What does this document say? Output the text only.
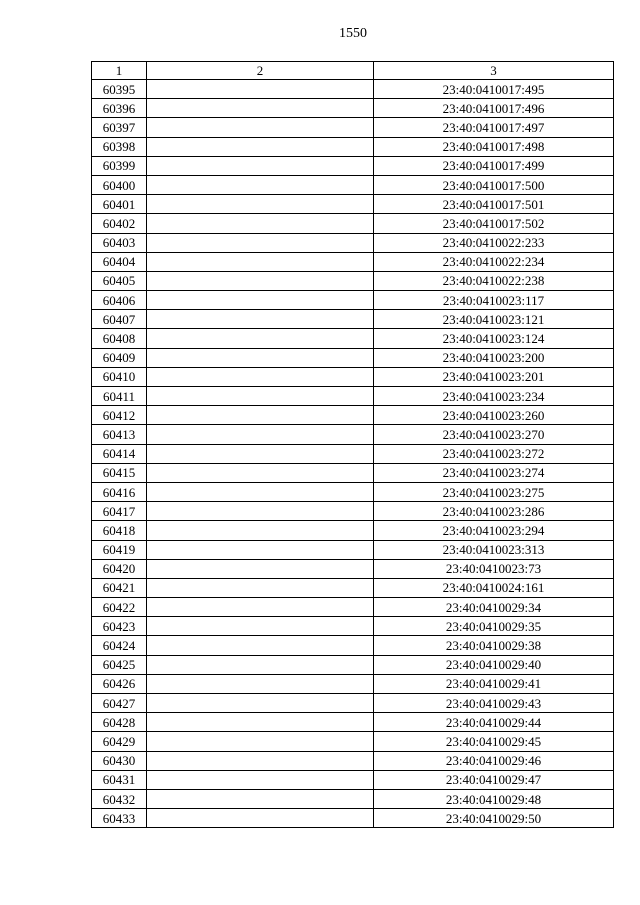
1550
1	2	3
60395		23:40:0410017:495
60396		23:40:0410017:496
60397		23:40:0410017:497
60398		23:40:0410017:498
60399		23:40:0410017:499
60400		23:40:0410017:500
60401		23:40:0410017:501
60402		23:40:0410017:502
60403		23:40:0410022:233
60404		23:40:0410022:234
60405		23:40:0410022:238
60406		23:40:0410023:117
60407		23:40:0410023:121
60408		23:40:0410023:124
60409		23:40:0410023:200
60410		23:40:0410023:201
60411		23:40:0410023:234
60412		23:40:0410023:260
60413		23:40:0410023:270
60414		23:40:0410023:272
60415		23:40:0410023:274
60416		23:40:0410023:275
60417		23:40:0410023:286
60418		23:40:0410023:294
60419		23:40:0410023:313
60420		23:40:0410023:73
60421		23:40:0410024:161
60422		23:40:0410029:34
60423		23:40:0410029:35
60424		23:40:0410029:38
60425		23:40:0410029:40
60426		23:40:0410029:41
60427		23:40:0410029:43
60428		23:40:0410029:44
60429		23:40:0410029:45
60430		23:40:0410029:46
60431		23:40:0410029:47
60432		23:40:0410029:48
60433		23:40:0410029:50
